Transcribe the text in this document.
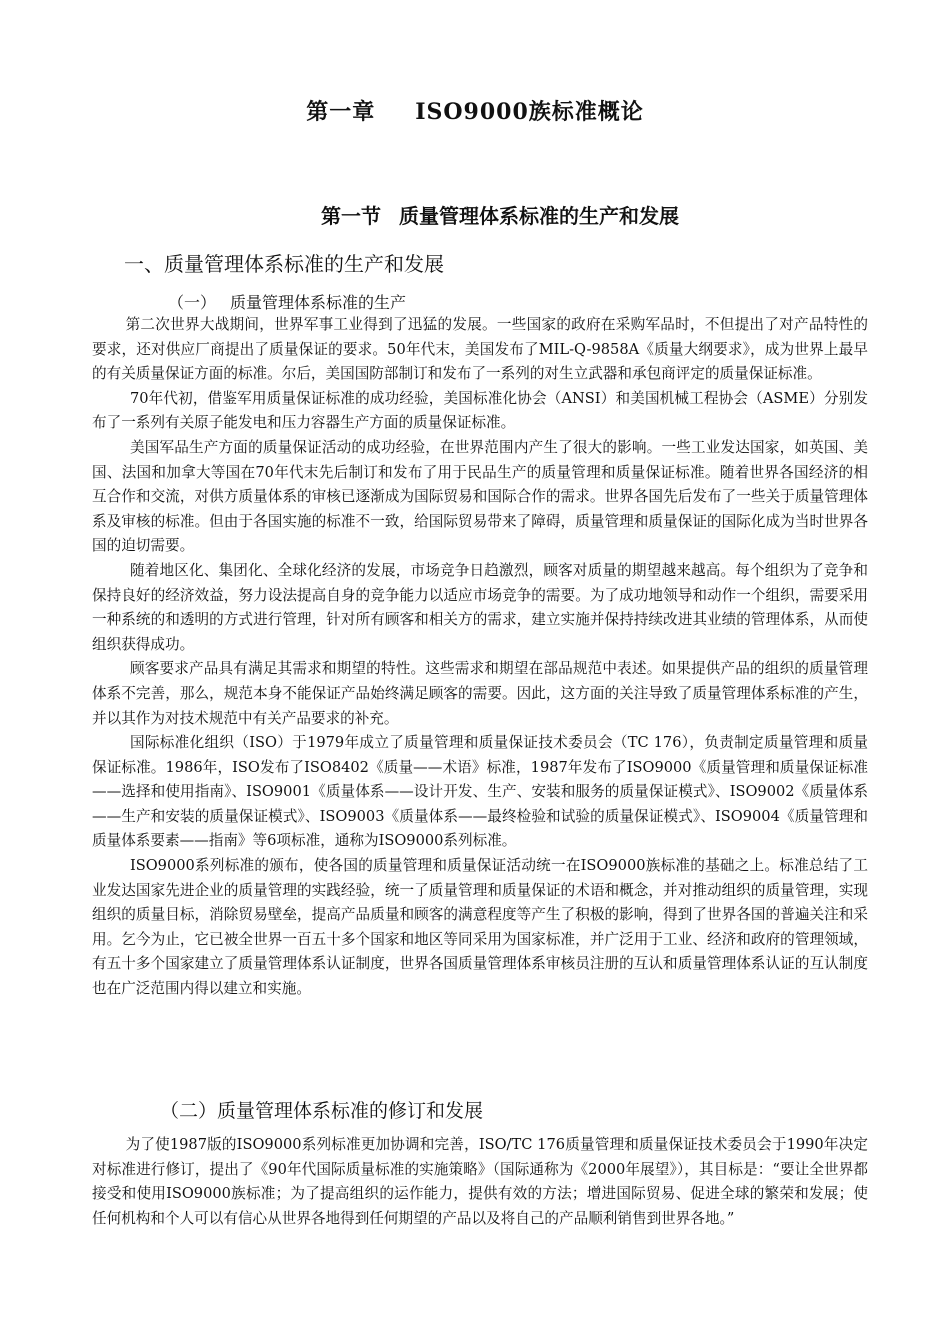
第一章 ISO9000族标准概论
第一节 质量管理体系标准的生产和发展
一、质量管理体系标准的生产和发展
（一） 质量管理体系标准的生产

第二次世界大战期间，世界军事工业得到了迅猛的发展。一些国家的政府在采购军品时，不但提出了对产品特性的要求，还对供应厂商提出了质量保证的要求。50年代末，美国发布了MIL-Q-9858A《质量大纲要求》，成为世界上最早的有关质量保证方面的标准。尔后，美国国防部制订和发布了一系列的对生立武器和承包商评定的质量保证标准。

70年代初，借鉴军用质量保证标准的成功经验，美国标准化协会（ANSI）和美国机械工程协会（ASME）分别发布了一系列有关原子能发电和压力容器生产方面的质量保证标准。

美国军品生产方面的质量保证活动的成功经验，在世界范围内产生了很大的影响。一些工业发达国家，如英国、美国、法国和加拿大等国在70年代末先后制订和发布了用于民品生产的质量管理和质量保证标准。随着世界各国经济的相互合作和交流，对供方质量体系的审核已逐渐成为国际贸易和国际合作的需求。世界各国先后发布了一些关于质量管理体系及审核的标准。但由于各国实施的标准不一致，给国际贸易带来了障碍，质量管理和质量保证的国际化成为当时世界各国的迫切需要。

随着地区化、集团化、全球化经济的发展，市场竞争日趋激烈，顾客对质量的期望越来越高。每个组织为了竞争和保持良好的经济效益，努力设法提高自身的竞争能力以适应市场竞争的需要。为了成功地领导和动作一个组织，需要采用一种系统的和透明的方式进行管理，针对所有顾客和相关方的需求，建立实施并保持持续改进其业绩的管理体系，从而使组织获得成功。

顾客要求产品具有满足其需求和期望的特性。这些需求和期望在部品规范中表述。如果提供产品的组织的质量管理体系不完善，那么，规范本身不能保证产品始终满足顾客的需要。因此，这方面的关注导致了质量管理体系标准的产生，并以其作为对技术规范中有关产品要求的补充。

国际标准化组织（ISO）于1979年成立了质量管理和质量保证技术委员会（TC 176），负责制定质量管理和质量保证标准。1986年，ISO发布了ISO8402《质量——术语》标准，1987年发布了ISO9000《质量管理和质量保证标准——选择和使用指南》、ISO9001《质量体系——设计开发、生产、安装和服务的质量保证模式》、ISO9002《质量体系——生产和安装的质量保证模式》、ISO9003《质量体系——最终检验和试验的质量保证模式》、ISO9004《质量管理和质量体系要素——指南》等6项标准，通称为ISO9000系列标准。

ISO9000系列标准的颁布，使各国的质量管理和质量保证活动统一在ISO9000族标准的基础之上。标准总结了工业发达国家先进企业的质量管理的实践经验，统一了质量管理和质量保证的术语和概念，并对推动组织的质量管理，实现组织的质量目标，消除贸易壁垒，提高产品质量和顾客的满意程度等产生了积极的影响，得到了世界各国的普遍关注和采用。乞今为止，它已被全世界一百五十多个国家和地区等同采用为国家标准，并广泛用于工业、经济和政府的管理领域，有五十多个国家建立了质量管理体系认证制度，世界各国质量管理体系审核员注册的互认和质量管理体系认证的互认制度也在广泛范围内得以建立和实施。

（二）质量管理体系标准的修订和发展

为了使1987版的ISO9000系列标准更加协调和完善，ISO/TC 176质量管理和质量保证技术委员会于1990年决定对标准进行修订，提出了《90年代国际质量标准的实施策略》（国际通称为《2000年展望》），其目标是：“要让全世界都接受和使用ISO9000族标准；为了提高组织的运作能力，提供有效的方法；增进国际贸易、促进全球的繁荣和发展；使任何机构和个人可以有信心从世界各地得到任何期望的产品以及将自己的产品顺利销售到世界各地。”
